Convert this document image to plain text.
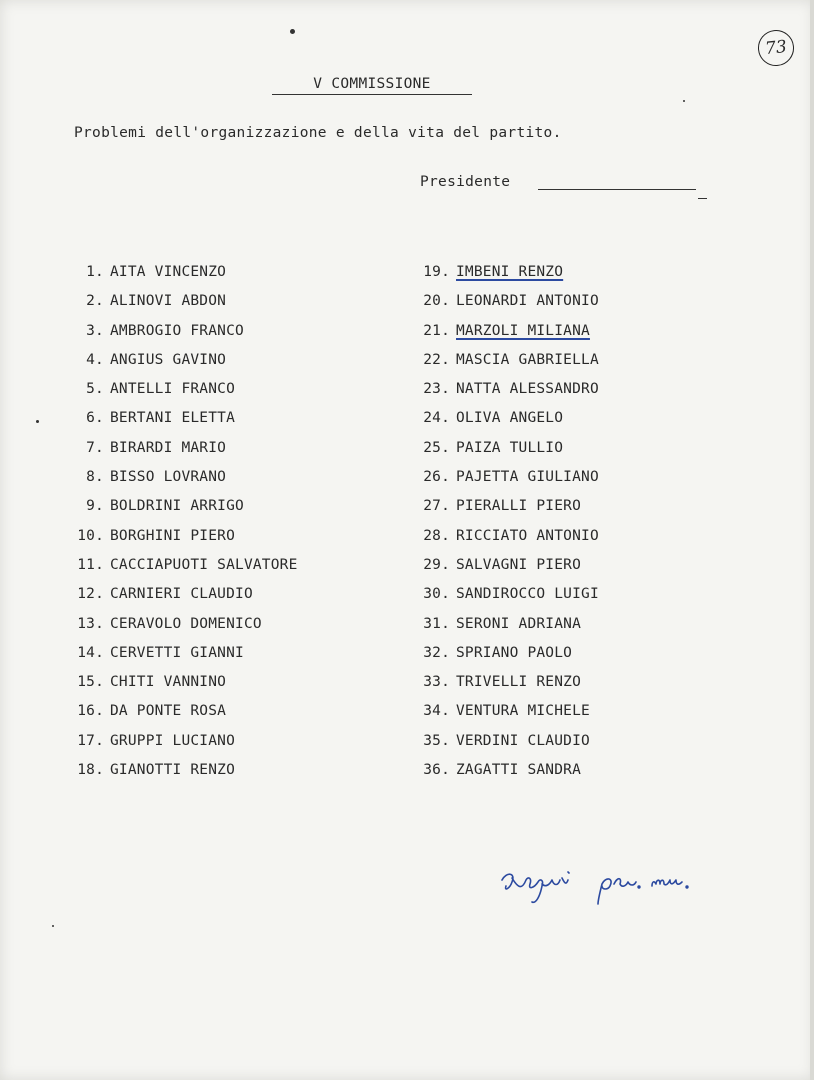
73
V COMMISSIONE
Problemi dell'organizzazione e della vita del partito.
Presidente
1. AITA VINCENZO
2. ALINOVI ABDON
3. AMBROGIO FRANCO
4. ANGIUS GAVINO
5. ANTELLI FRANCO
6. BERTANI ELETTA
7. BIRARDI MARIO
8. BISSO LOVRANO
9. BOLDRINI ARRIGO
10. BORGHINI PIERO
11. CACCIAPUOTI SALVATORE
12. CARNIERI CLAUDIO
13. CERAVOLO DOMENICO
14. CERVETTI GIANNI
15. CHITI VANNINO
16. DA PONTE ROSA
17. GRUPPI LUCIANO
18. GIANOTTI RENZO
19. IMBENI RENZO
20. LEONARDI ANTONIO
21. MARZOLI MILIANA
22. MASCIA GABRIELLA
23. NATTA ALESSANDRO
24. OLIVA ANGELO
25. PAIZA TULLIO
26. PAJETTA GIULIANO
27. PIERALLI PIERO
28. RICCIATO ANTONIO
29. SALVAGNI PIERO
30. SANDIROCCO LUIGI
31. SERONI ADRIANA
32. SPRIANO PAOLO
33. TRIVELLI RENZO
34. VENTURA MICHELE
35. VERDINI CLAUDIO
36. ZAGATTI SANDRA
